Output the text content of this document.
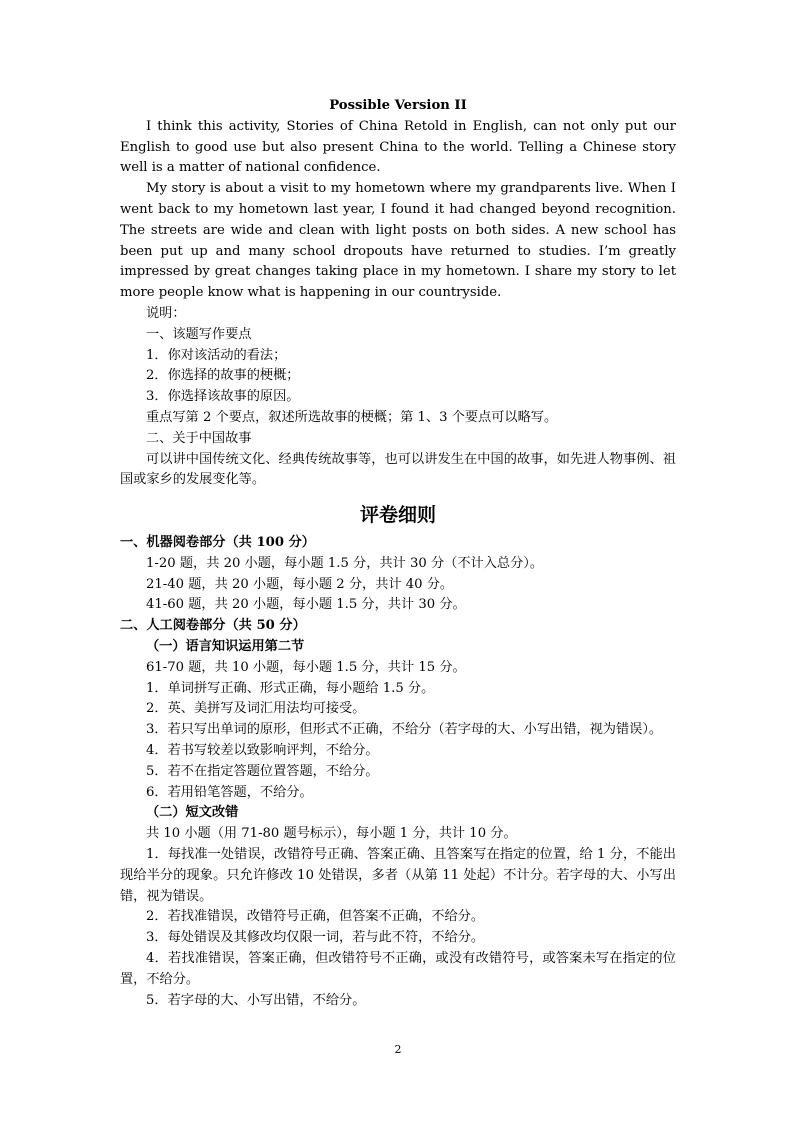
Possible Version II

I think this activity, Stories of China Retold in English, can not only put our English to good use but also present China to the world. Telling a Chinese story well is a matter of national confidence.

My story is about a visit to my hometown where my grandparents live. When I went back to my hometown last year, I found it had changed beyond recognition. The streets are wide and clean with light posts on both sides. A new school has been put up and many school dropouts have returned to studies. I’m greatly impressed by great changes taking place in my hometown. I share my story to let more people know what is happening in our countryside.

说明：
一、该题写作要点
1．你对该活动的看法；
2．你选择的故事的梗概；
3．你选择该故事的原因。
重点写第 2 个要点，叙述所选故事的梗概；第 1、3 个要点可以略写。
二、关于中国故事

可以讲中国传统文化、经典传统故事等，也可以讲发生在中国的故事，如先进人物事例、祖国或家乡的发展变化等。

评卷细则
一、机器阅卷部分（共 100 分）
1-20 题，共 20 小题，每小题 1.5 分，共计 30 分（不计入总分）。
21-40 题，共 20 小题，每小题 2 分，共计 40 分。
41-60 题，共 20 小题，每小题 1.5 分，共计 30 分。
二、人工阅卷部分（共 50 分）
（一）语言知识运用第二节
61-70 题，共 10 小题，每小题 1.5 分，共计 15 分。
1．单词拼写正确、形式正确，每小题给 1.5 分。
2．英、美拼写及词汇用法均可接受。
3．若只写出单词的原形，但形式不正确，不给分（若字母的大、小写出错，视为错误）。
4．若书写较差以致影响评判，不给分。
5．若不在指定答题位置答题，不给分。
6．若用铅笔答题，不给分。
（二）短文改错
共 10 小题（用 71-80 题号标示），每小题 1 分，共计 10 分。

1．每找准一处错误，改错符号正确、答案正确、且答案写在指定的位置，给 1 分，不能出现给半分的现象。只允许修改 10 处错误，多者（从第 11 处起）不计分。若字母的大、小写出错，视为错误。

2．若找准错误，改错符号正确，但答案不正确，不给分。
3．每处错误及其修改均仅限一词，若与此不符，不给分。

4．若找准错误，答案正确，但改错符号不正确，或没有改错符号，或答案未写在指定的位置，不给分。

5．若字母的大、小写出错，不给分。
2
